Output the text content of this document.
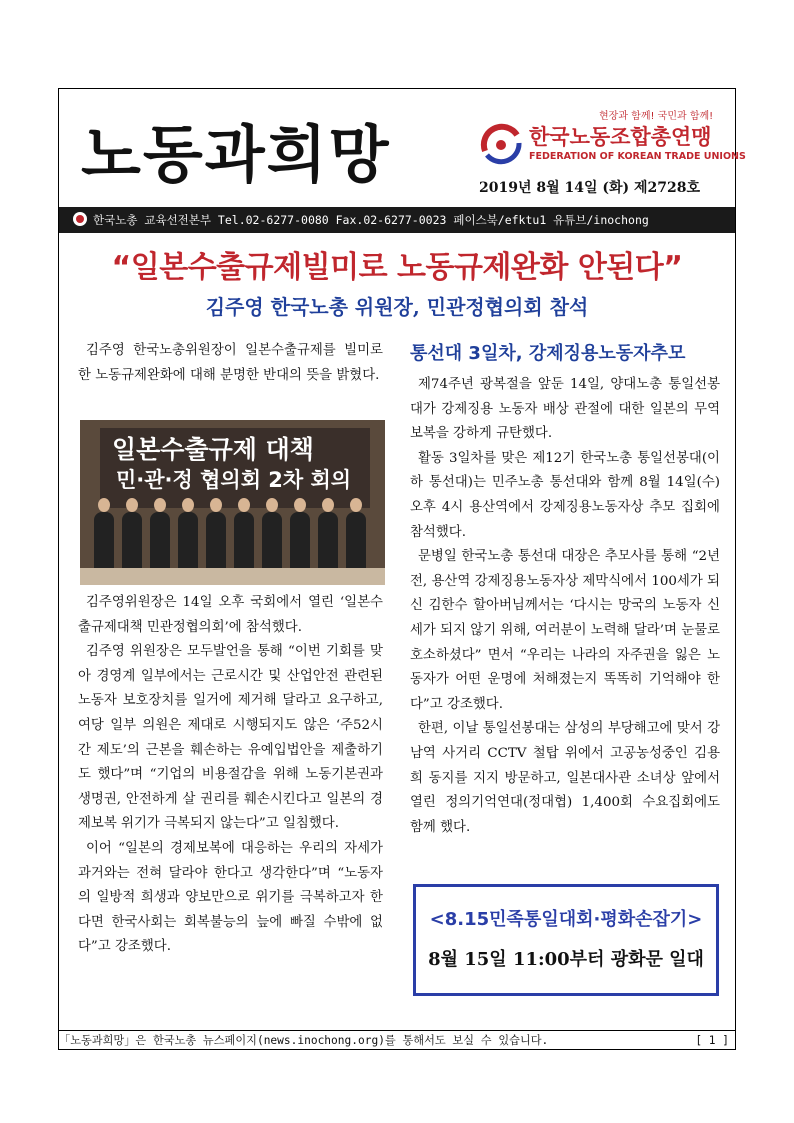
노동과희망
현장과 함께! 국민과 함께!
한국노동조합총연맹
FEDERATION OF KOREAN TRADE UNIONS
2019년 8월 14일 (화) 제2728호
한국노총 교육선전본부 Tel.02-6277-0080 Fax.02-6277-0023 페이스북/efktu1 유튜브/inochong
“일본수출규제빌미로 노동규제완화 안된다”
김주영 한국노총 위원장, 민관정협의회 참석

김주영 한국노총위원장이 일본수출규제를 빌미로한 노동규제완화에 대해 분명한 반대의 뜻을 밝혔다.

일본수출규제 대책
민·관·정 협의회 2차 회의

김주영위원장은 14일 오후 국회에서 열린 ‘일본수출규제대책 민관정협의회’에 참석했다.

김주영 위원장은 모두발언을 통해 “이번 기회를 맞아 경영계 일부에서는 근로시간 및 산업안전 관련된 노동자 보호장치를 일거에 제거해 달라고 요구하고, 여당 일부 의원은 제대로 시행되지도 않은 ‘주52시간 제도’의 근본을 훼손하는 유예입법안을 제출하기도 했다”며 “기업의 비용절감을 위해 노동기본권과 생명권, 안전하게 살 권리를 훼손시킨다고 일본의 경제보복 위기가 극복되지 않는다”고 일침했다.

이어 “일본의 경제보복에 대응하는 우리의 자세가 과거와는 전혀 달라야 한다고 생각한다”며 “노동자의 일방적 희생과 양보만으로 위기를 극복하고자 한다면 한국사회는 회복불능의 늪에 빠질 수밖에 없다”고 강조했다.

통선대 3일차, 강제징용노동자추모

제74주년 광복절을 앞둔 14일, 양대노총 통일선봉대가 강제징용 노동자 배상 관절에 대한 일본의 무역 보복을 강하게 규탄했다.

활동 3일차를 맞은 제12기 한국노총 통일선봉대(이하 통선대)는 민주노총 통선대와 함께 8월 14일(수) 오후 4시 용산역에서 강제징용노동자상 추모 집회에 참석했다.

문병일 한국노총 통선대 대장은 추모사를 통해 “2년 전, 용산역 강제징용노동자상 제막식에서 100세가 되신 김한수 할아버님께서는 ‘다시는 망국의 노동자 신세가 되지 않기 위해, 여러분이 노력해 달라’며 눈물로 호소하셨다” 면서 “우리는 나라의 자주권을 잃은 노동자가 어떤 운명에 처해졌는지 똑똑히 기억해야 한다”고 강조했다.

한편, 이날 통일선봉대는 삼성의 부당해고에 맞서 강남역 사거리 CCTV 철탑 위에서 고공농성중인 김용희 동지를 지지 방문하고, 일본대사관 소녀상 앞에서 열린 정의기억연대(정대협) 1,400회 수요집회에도 함께 했다.

<8.15민족통일대회·평화손잡기>
8월 15일 11:00부터 광화문 일대
「노동과희망」은 한국노총 뉴스페이지(news.inochong.org)를 통해서도 보실 수 있습니다.	[ 1 ]
